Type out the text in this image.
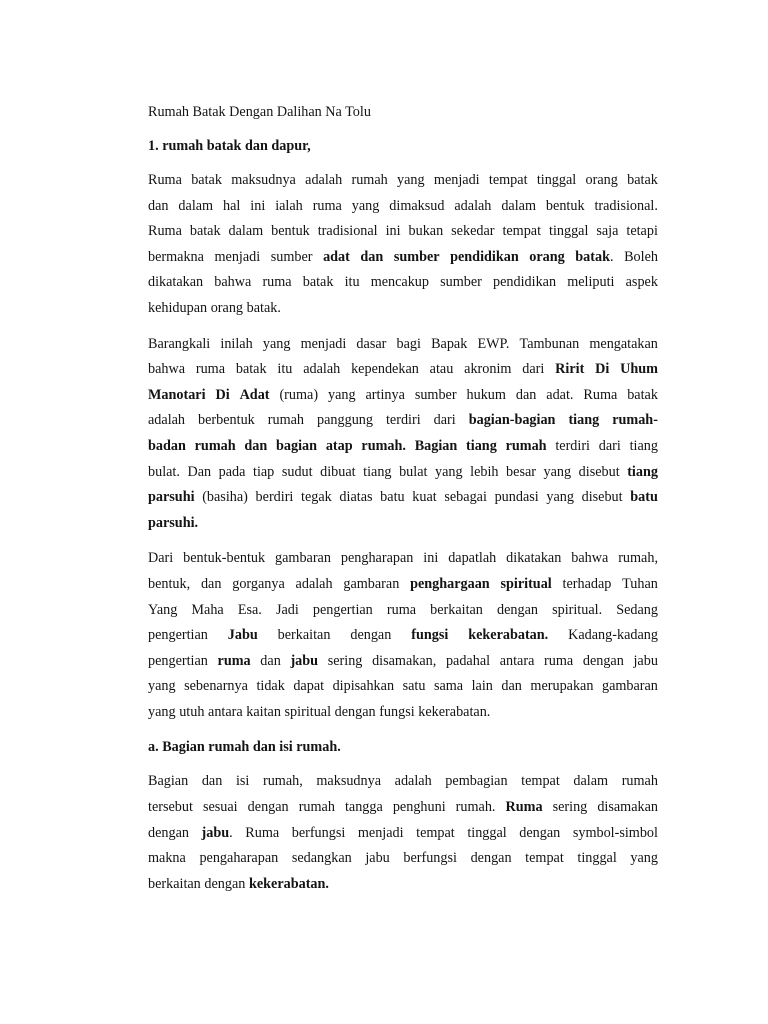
Rumah Batak Dengan Dalihan Na Tolu
1. rumah batak dan dapur,
Ruma batak maksudnya adalah rumah yang menjadi tempat tinggal orang batak
dan dalam hal ini ialah ruma yang dimaksud adalah dalam bentuk tradisional.
Ruma batak dalam bentuk tradisional ini bukan sekedar tempat tinggal saja tetapi
bermakna menjadi sumber adat dan sumber pendidikan orang batak. Boleh
dikatakan bahwa ruma batak itu mencakup sumber pendidikan meliputi aspek
kehidupan orang batak.
Barangkali inilah yang menjadi dasar bagi Bapak EWP. Tambunan mengatakan
bahwa ruma batak itu adalah kependekan atau akronim dari Ririt Di Uhum
Manotari Di Adat (ruma) yang artinya sumber hukum dan adat. Ruma batak
adalah berbentuk rumah panggung terdiri dari bagian-bagian tiang rumah-
badan rumah dan bagian atap rumah. Bagian tiang rumah terdiri dari tiang
bulat. Dan pada tiap sudut dibuat tiang bulat yang lebih besar yang disebut tiang
parsuhi (basiha) berdiri tegak diatas batu kuat sebagai pundasi yang disebut batu
parsuhi.
Dari bentuk-bentuk gambaran pengharapan ini dapatlah dikatakan bahwa rumah,
bentuk, dan gorganya adalah gambaran penghargaan spiritual terhadap Tuhan
Yang Maha Esa. Jadi pengertian ruma berkaitan dengan spiritual. Sedang
pengertian Jabu berkaitan dengan fungsi kekerabatan. Kadang-kadang
pengertian ruma dan jabu sering disamakan, padahal antara ruma dengan jabu
yang sebenarnya tidak dapat dipisahkan satu sama lain dan merupakan gambaran
yang utuh antara kaitan spiritual dengan fungsi kekerabatan.
a. Bagian rumah dan isi rumah.
Bagian dan isi rumah, maksudnya adalah pembagian tempat dalam rumah
tersebut sesuai dengan rumah tangga penghuni rumah. Ruma sering disamakan
dengan jabu. Ruma berfungsi menjadi tempat tinggal dengan symbol-simbol
makna pengaharapan sedangkan jabu berfungsi dengan tempat tinggal yang
berkaitan dengan kekerabatan.
